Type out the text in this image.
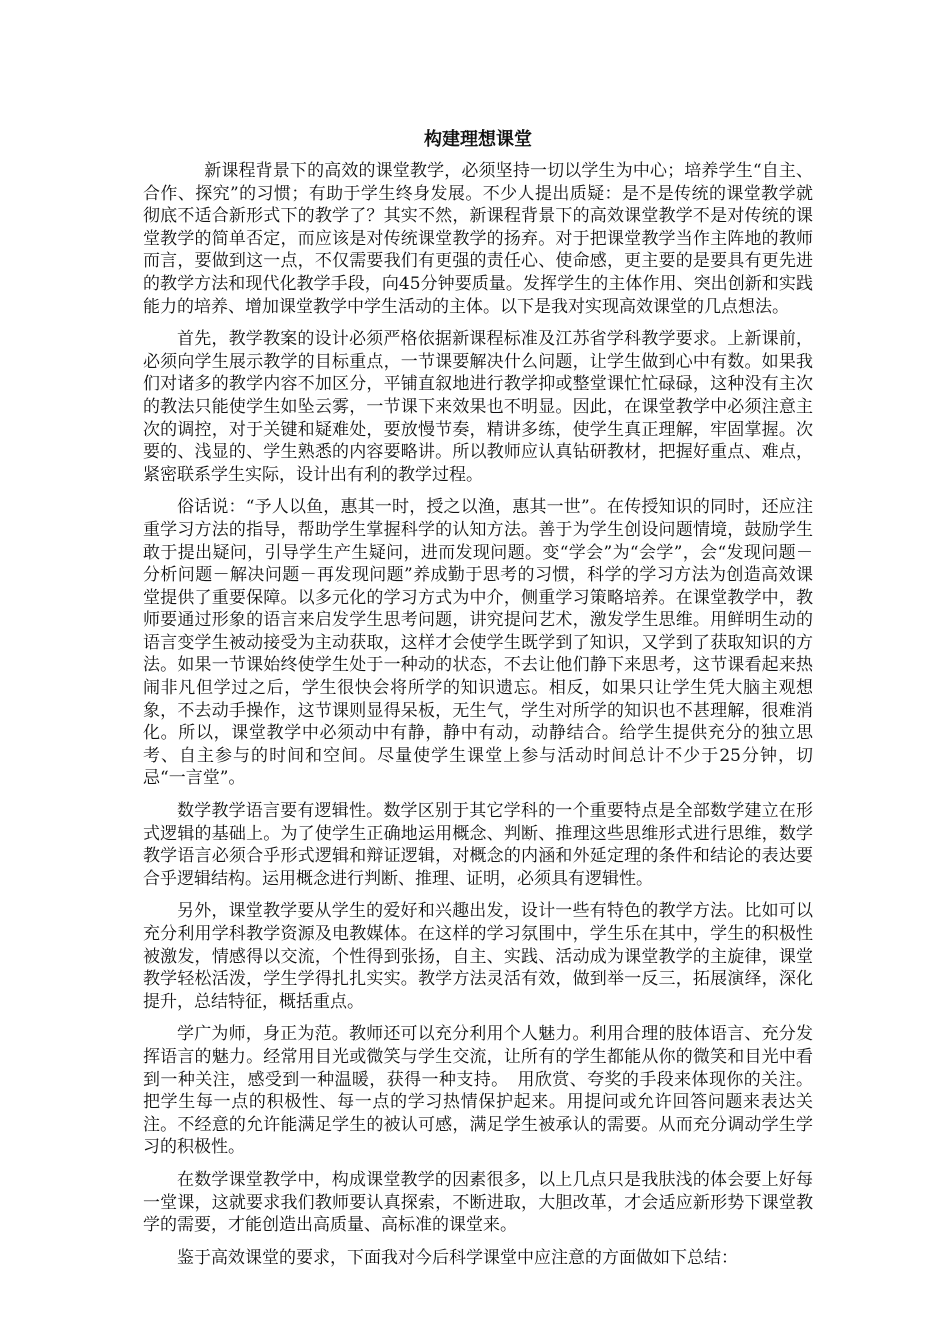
构建理想课堂

新课程背景下的高效的课堂教学，必须坚持一切以学生为中心；培养学生“自主、合作、探究”的习惯；有助于学生终身发展。不少人提出质疑：是不是传统的课堂教学就彻底不适合新形式下的教学了？其实不然，新课程背景下的高效课堂教学不是对传统的课堂教学的简单否定，而应该是对传统课堂教学的扬弃。对于把课堂教学当作主阵地的教师而言，要做到这一点，不仅需要我们有更强的责任心、使命感，更主要的是要具有更先进的教学方法和现代化教学手段，向45分钟要质量。发挥学生的主体作用、突出创新和实践能力的培养、增加课堂教学中学生活动的主体。以下是我对实现高效课堂的几点想法。

首先，教学教案的设计必须严格依据新课程标准及江苏省学科教学要求。上新课前，必须向学生展示教学的目标重点，一节课要解决什么问题，让学生做到心中有数。如果我们对诸多的教学内容不加区分，平铺直叙地进行教学抑或整堂课忙忙碌碌，这种没有主次的教法只能使学生如坠云雾，一节课下来效果也不明显。因此，在课堂教学中必须注意主次的调控，对于关键和疑难处，要放慢节奏，精讲多练，使学生真正理解，牢固掌握。次要的、浅显的、学生熟悉的内容要略讲。所以教师应认真钻研教材，把握好重点、难点，紧密联系学生实际，设计出有利的教学过程。

俗话说：“予人以鱼，惠其一时，授之以渔，惠其一世”。在传授知识的同时，还应注重学习方法的指导，帮助学生掌握科学的认知方法。善于为学生创设问题情境，鼓励学生敢于提出疑问，引导学生产生疑问，进而发现问题。变“学会”为“会学”，会“发现问题－分析问题－解决问题－再发现问题”养成勤于思考的习惯，科学的学习方法为创造高效课堂提供了重要保障。以多元化的学习方式为中介，侧重学习策略培养。在课堂教学中，教师要通过形象的语言来启发学生思考问题，讲究提问艺术，激发学生思维。用鲜明生动的语言变学生被动接受为主动获取，这样才会使学生既学到了知识，又学到了获取知识的方法。如果一节课始终使学生处于一种动的状态，不去让他们静下来思考，这节课看起来热闹非凡但学过之后，学生很快会将所学的知识遗忘。相反，如果只让学生凭大脑主观想象，不去动手操作，这节课则显得呆板，无生气，学生对所学的知识也不甚理解，很难消化。所以，课堂教学中必须动中有静，静中有动，动静结合。给学生提供充分的独立思考、自主参与的时间和空间。尽量使学生课堂上参与活动时间总计不少于25分钟，切忌“一言堂”。

数学教学语言要有逻辑性。数学区别于其它学科的一个重要特点是全部数学建立在形式逻辑的基础上。为了使学生正确地运用概念、判断、推理这些思维形式进行思维，数学教学语言必须合乎形式逻辑和辩证逻辑，对概念的内涵和外延定理的条件和结论的表达要合乎逻辑结构。运用概念进行判断、推理、证明，必须具有逻辑性。

另外，课堂教学要从学生的爱好和兴趣出发，设计一些有特色的教学方法。比如可以充分利用学科教学资源及电教媒体。在这样的学习氛围中，学生乐在其中，学生的积极性被激发，情感得以交流，个性得到张扬，自主、实践、活动成为课堂教学的主旋律，课堂教学轻松活泼，学生学得扎扎实实。教学方法灵活有效，做到举一反三，拓展演绎，深化提升，总结特征，概括重点。

学广为师，身正为范。教师还可以充分利用个人魅力。利用合理的肢体语言、充分发挥语言的魅力。经常用目光或微笑与学生交流，让所有的学生都能从你的微笑和目光中看到一种关注，感受到一种温暖，获得一种支持。　用欣赏、夸奖的手段来体现你的关注。把学生每一点的积极性、每一点的学习热情保护起来。用提问或允许回答问题来表达关注。不经意的允许能满足学生的被认可感，满足学生被承认的需要。从而充分调动学生学习的积极性。

在数学课堂教学中，构成课堂教学的因素很多，以上几点只是我肤浅的体会要上好每一堂课，这就要求我们教师要认真探索，不断进取，大胆改革，才会适应新形势下课堂教学的需要，才能创造出高质量、高标准的课堂来。

鉴于高效课堂的要求，下面我对今后科学课堂中应注意的方面做如下总结：
